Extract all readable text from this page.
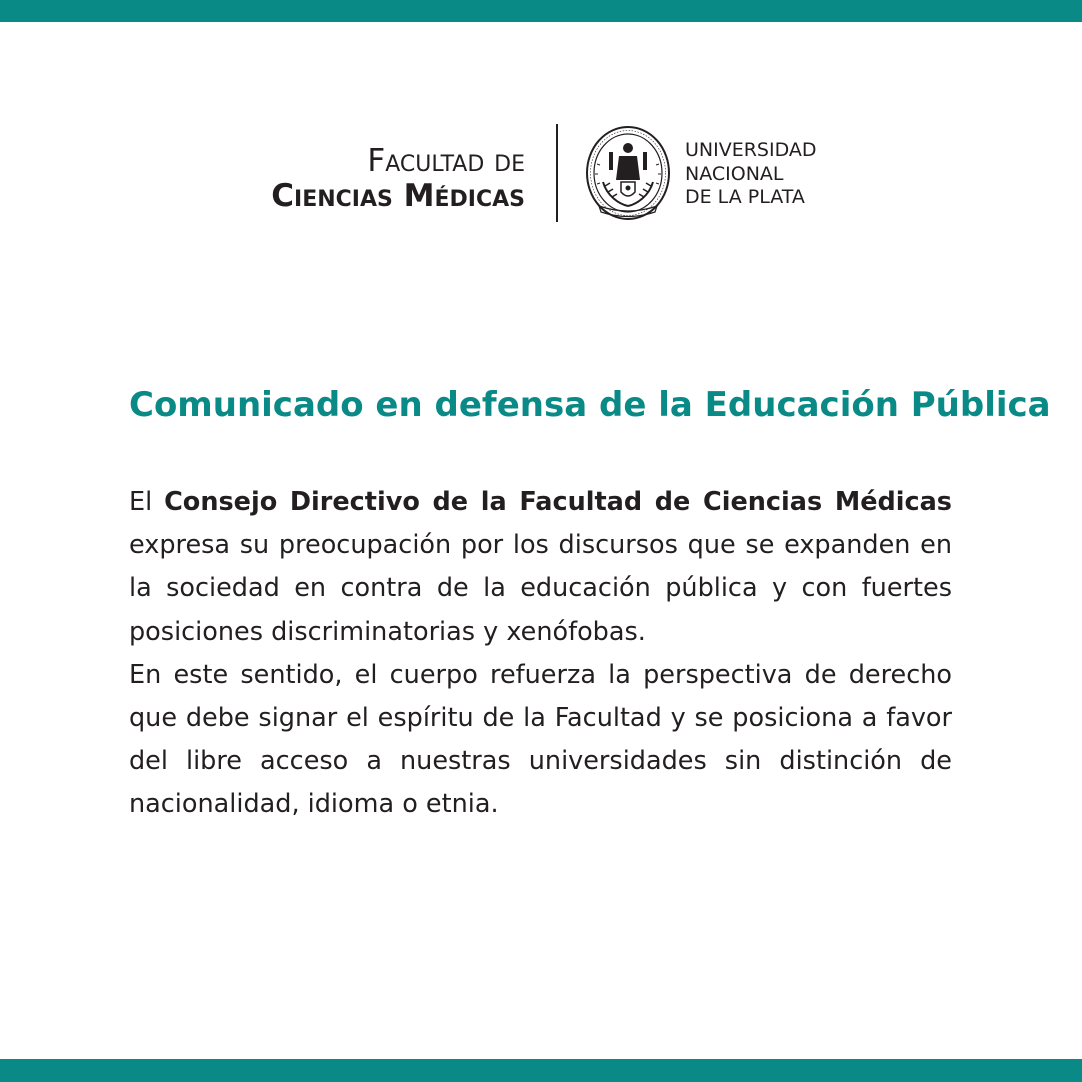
Facultad de
Ciencias Médicas
UNIVERSIDAD
NACIONAL
DE LA PLATA
Comunicado en defensa de la Educación Pública

El Consejo Directivo de la Facultad de Ciencias Médicas expresa su preocupación por los discursos que se expanden en la sociedad en contra de la educación pública y con fuertes posiciones discriminatorias y xenófobas.

En este sentido, el cuerpo refuerza la perspectiva de derecho que debe signar el espíritu de la Facultad y se posiciona a favor del libre acceso a nuestras universidades sin distinción de nacionalidad, idioma o etnia.
